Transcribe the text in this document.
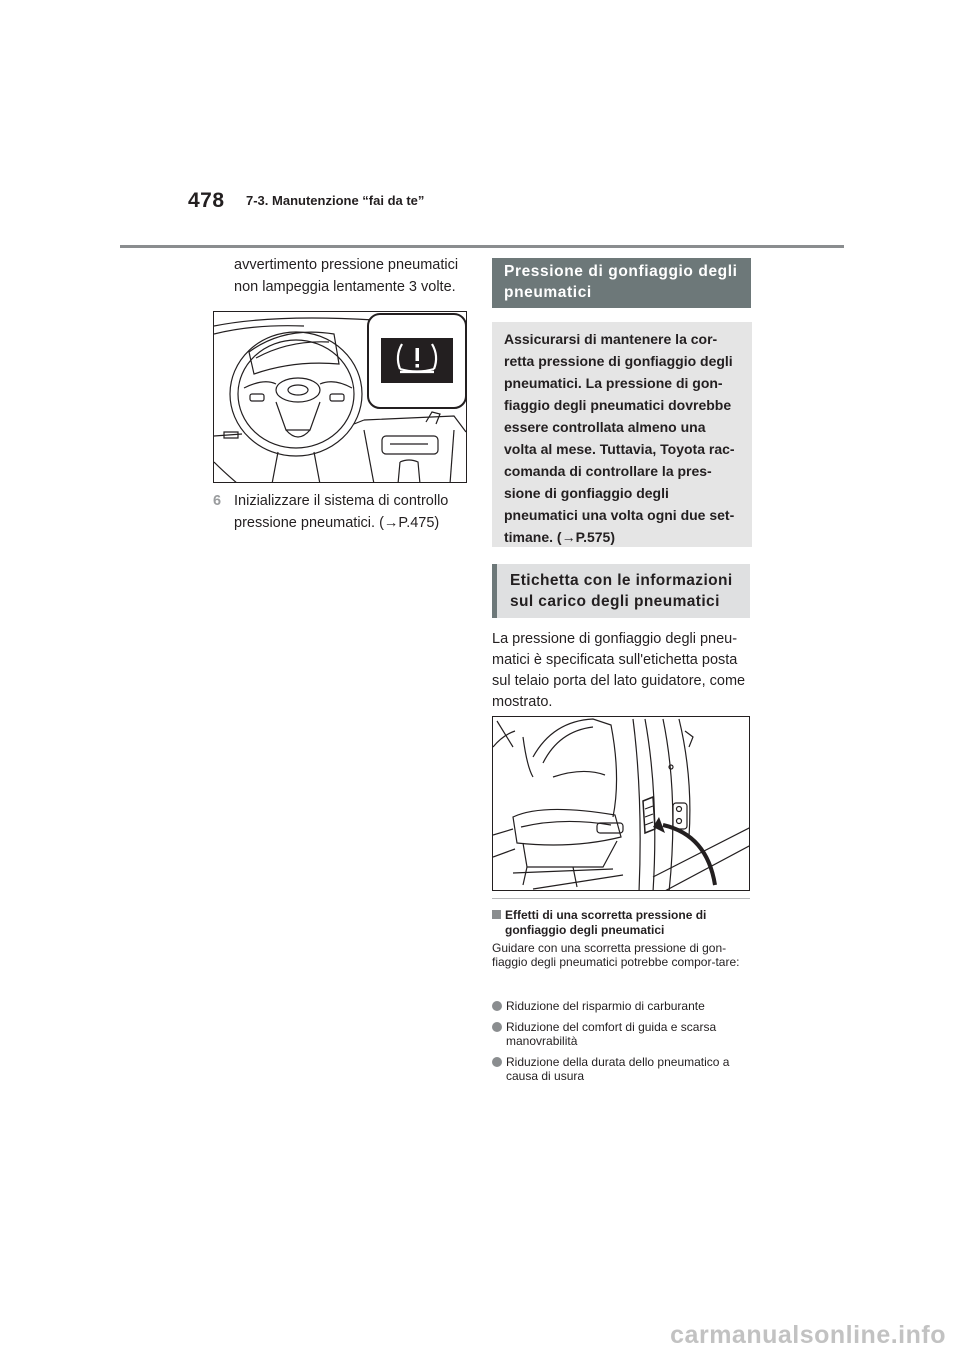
478 7-3. Manutenzione “fai da te”

avvertimento pressione pneumatici non lampeggia lentamente 3 volte.

6 Inizializzare il sistema di controllo pressione pneumatici. (→P.475)
Pressione di gonfiaggio degli pneumatici
Assicurarsi di mantenere la cor-retta pressione di gonfiaggio degli pneumatici. La pressione di gon-fiaggio degli pneumatici dovrebbe essere controllata almeno una volta al mese. Tuttavia, Toyota rac-comanda di controllare la pres-sione di gonfiaggio degli pneumatici una volta ogni due set-timane. (→P.575)
Etichetta con le informazioni sul carico degli pneumatici
La pressione di gonfiaggio degli pneu-matici è specificata sull'etichetta posta sul telaio porta del lato guidatore, come mostrato.
Effetti di una scorretta pressione di gonfiaggio degli pneumatici
Guidare con una scorretta pressione di gon-fiaggio degli pneumatici potrebbe compor-tare:
Riduzione del risparmio di carburante
Riduzione del comfort di guida e scarsa manovrabilità
Riduzione della durata dello pneumatico a causa di usura
carmanualsonline.info
